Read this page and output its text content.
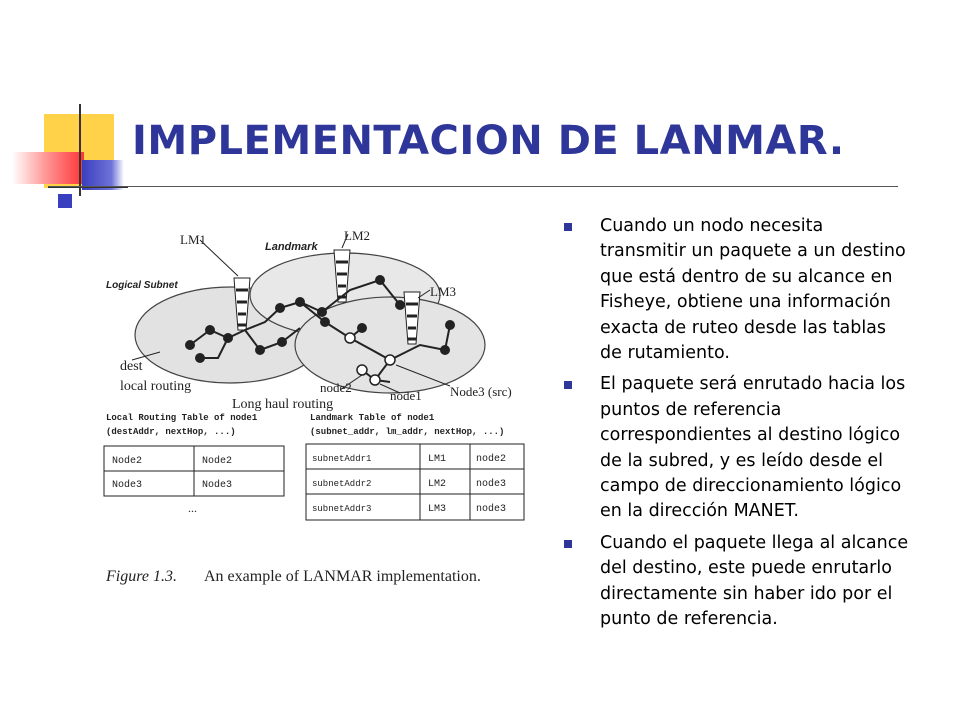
IMPLEMENTACION DE LANMAR.
LM1	Landmark
LM2
LM3
Logical Subnet
dest
local routing
Long haul routing
node2
node1 Node3 (src)
Local Routing Table of node1
(destAddr, nextHop, ...)
Node2	Node2
Node3	Node3
...
Landmark Table of node1
(subnet_addr, lm_addr, nextHop, ...)
subnetAddr1	LM1	node2
subnetAddr2	LM2	node3
subnetAddr3	LM3	node3
Figure 1.3. An example of LANMAR implementation.
Cuando un nodo necesita transmitir un paquete a un destino que está dentro de su alcance en Fisheye, obtiene una información exacta de ruteo desde las tablas de rutamiento.
El paquete será enrutado hacia los puntos de referencia correspondientes al destino lógico de la subred, y es leído desde el campo de direccionamiento lógico en la dirección MANET.
Cuando el paquete llega al alcance del destino, este puede enrutarlo directamente sin haber ido por el punto de referencia.
